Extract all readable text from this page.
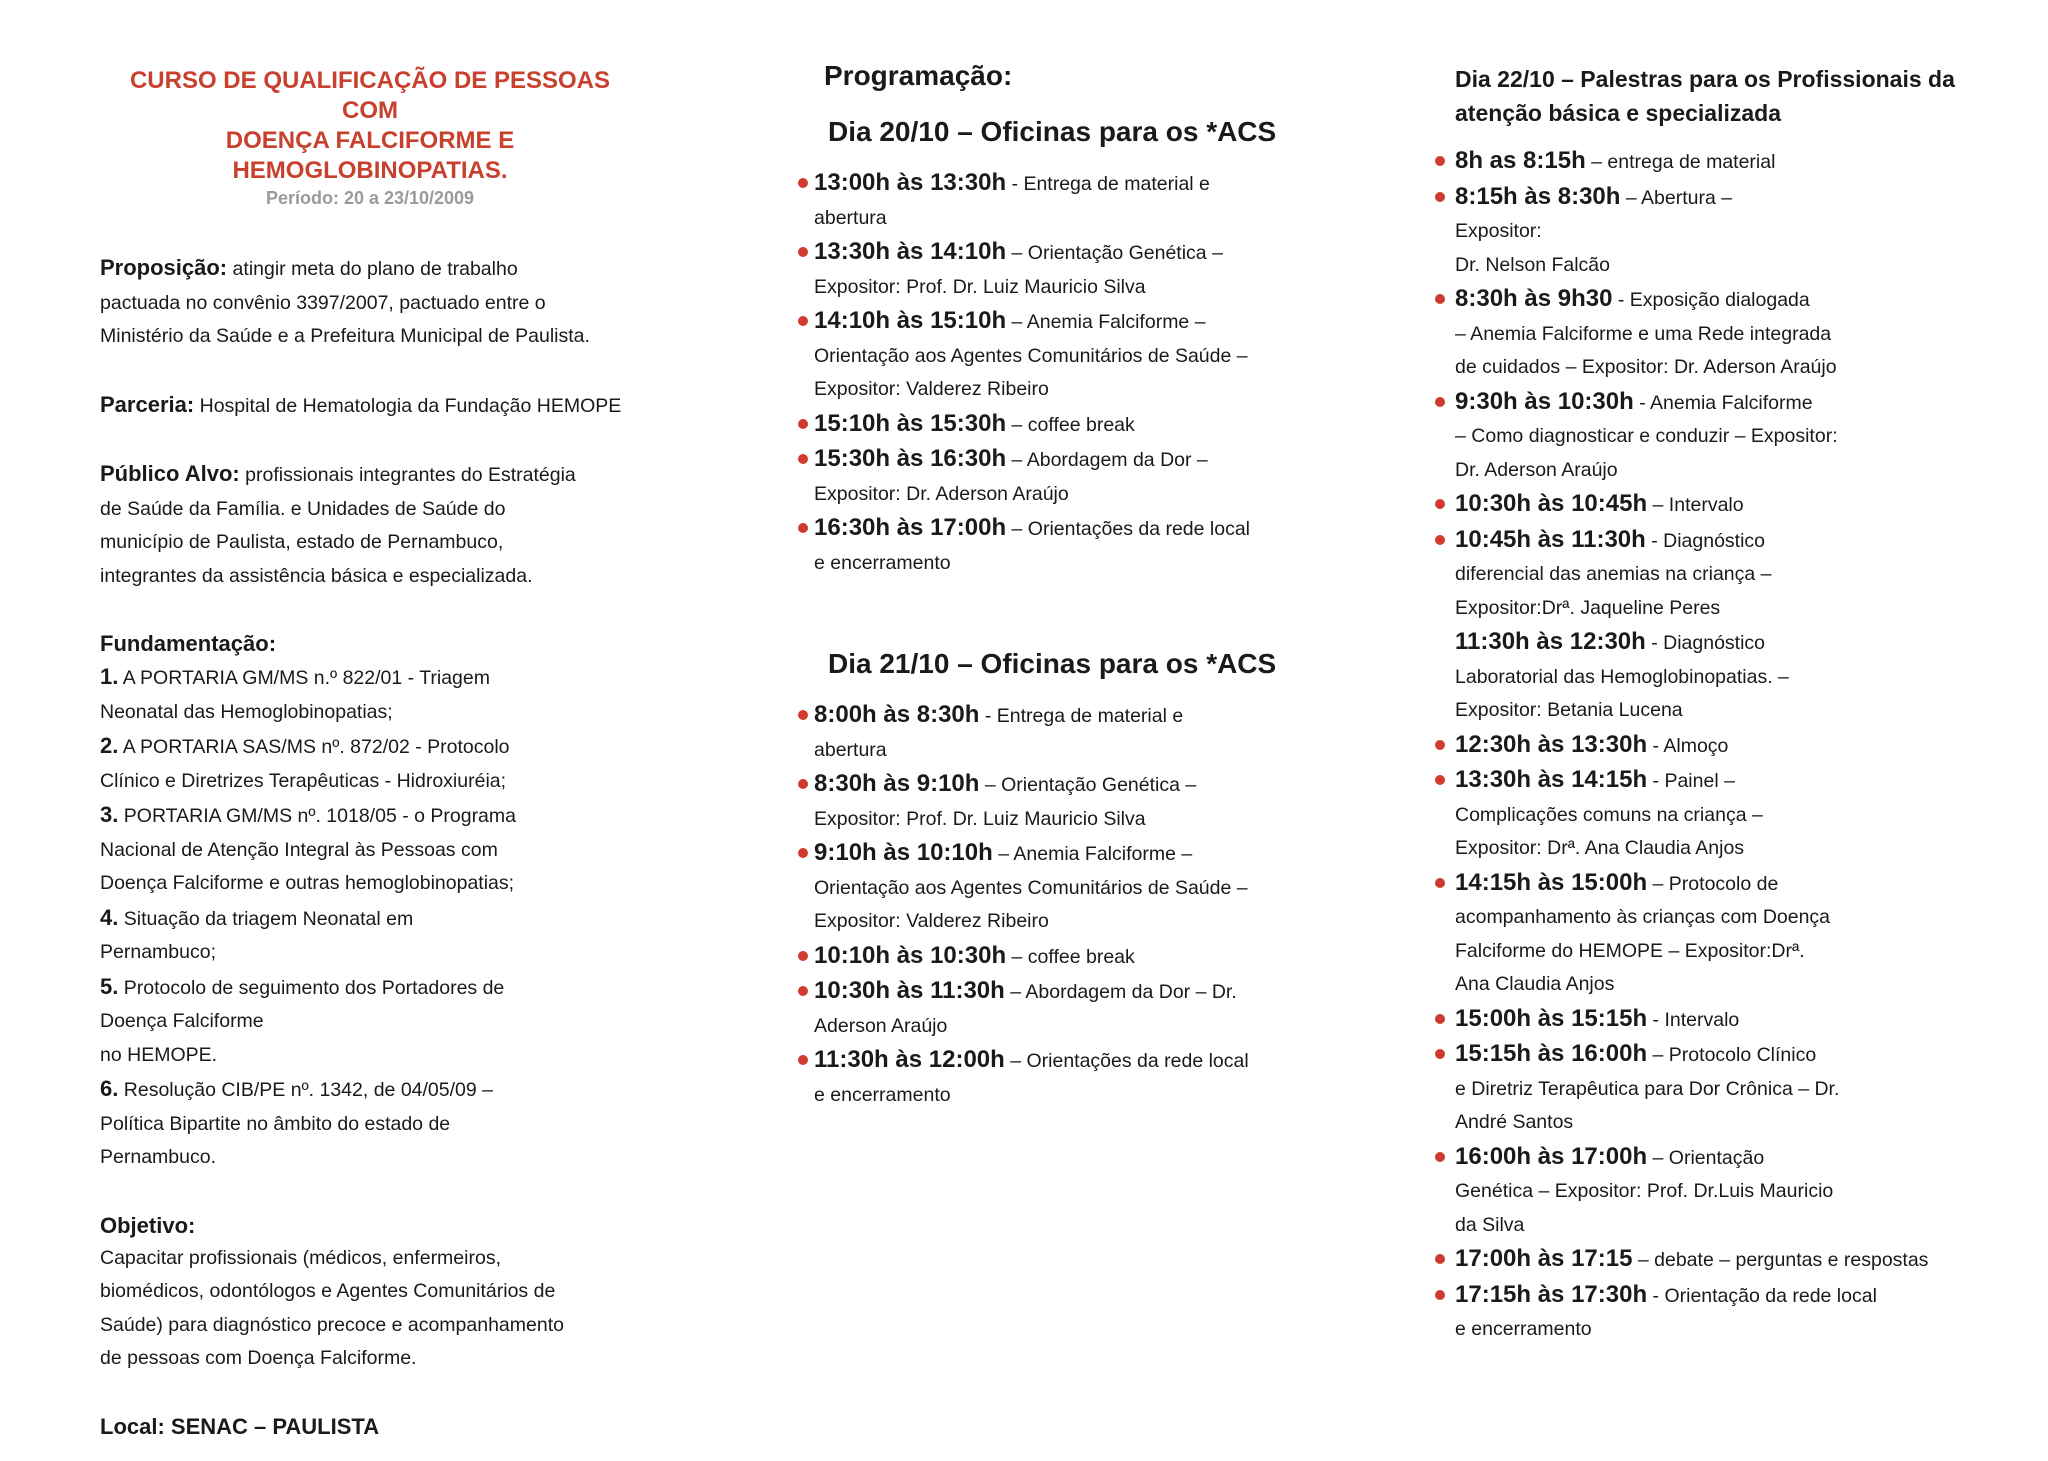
CURSO DE QUALIFICAÇÃO DE PESSOAS COM
DOENÇA FALCIFORME E HEMOGLOBINOPATIAS.
Período: 20 a 23/10/2009
Proposição: atingir meta do plano de trabalho
pactuada no convênio 3397/2007, pactuado entre o
Ministério da Saúde e a Prefeitura Municipal de Paulista.
Parceria: Hospital de Hematologia da Fundação HEMOPE
Público Alvo: profissionais integrantes do Estratégia
de Saúde da Família. e Unidades de Saúde do
município de Paulista, estado de Pernambuco,
integrantes da assistência básica e especializada.
Fundamentação:
1. A PORTARIA GM/MS n.º 822/01 - Triagem
Neonatal das Hemoglobinopatias;
2. A PORTARIA SAS/MS nº. 872/02 - Protocolo
Clínico e Diretrizes Terapêuticas - Hidroxiuréia;
3. PORTARIA GM/MS nº. 1018/05 - o Programa
Nacional de Atenção Integral às Pessoas com
Doença Falciforme e outras hemoglobinopatias;
4. Situação da triagem Neonatal em
Pernambuco;
5. Protocolo de seguimento dos Portadores de
Doença Falciforme
no HEMOPE.
6. Resolução CIB/PE nº. 1342, de 04/05/09 –
Política Bipartite no âmbito do estado de
Pernambuco.
Objetivo:
Capacitar profissionais (médicos, enfermeiros,
biomédicos, odontólogos e Agentes Comunitários de
Saúde) para diagnóstico precoce e acompanhamento
de pessoas com Doença Falciforme.
Local: SENAC – PAULISTA
Programação:
Dia 20/10 – Oficinas para os *ACS
13:00h às 13:30h - Entrega de material e
abertura
13:30h às 14:10h – Orientação Genética –
Expositor: Prof. Dr. Luiz Mauricio Silva
14:10h às 15:10h – Anemia Falciforme –
Orientação aos Agentes Comunitários de Saúde –
Expositor: Valderez Ribeiro
15:10h às 15:30h – coffee break
15:30h às 16:30h – Abordagem da Dor –
Expositor: Dr. Aderson Araújo
16:30h às 17:00h – Orientações da rede local
e encerramento
Dia 21/10 – Oficinas para os *ACS
8:00h às 8:30h - Entrega de material e
abertura
8:30h às 9:10h – Orientação Genética –
Expositor: Prof. Dr. Luiz Mauricio Silva
9:10h às 10:10h – Anemia Falciforme –
Orientação aos Agentes Comunitários de Saúde –
Expositor: Valderez Ribeiro
10:10h às 10:30h – coffee break
10:30h às 11:30h – Abordagem da Dor – Dr.
Aderson Araújo
11:30h às 12:00h – Orientações da rede local
e encerramento
Dia 22/10 – Palestras para os Profissionais da
atenção básica e specializada
8h as 8:15h – entrega de material
8:15h às 8:30h – Abertura –
Expositor:
Dr. Nelson Falcão
8:30h às 9h30 - Exposição dialogada
– Anemia Falciforme e uma Rede integrada
de cuidados – Expositor: Dr. Aderson Araújo
9:30h às 10:30h - Anemia Falciforme
– Como diagnosticar e conduzir – Expositor:
Dr. Aderson Araújo
10:30h às 10:45h – Intervalo
10:45h às 11:30h - Diagnóstico
diferencial das anemias na criança –
Expositor:Drª. Jaqueline Peres
11:30h às 12:30h - Diagnóstico
Laboratorial das Hemoglobinopatias. –
Expositor: Betania Lucena
12:30h às 13:30h - Almoço
13:30h às 14:15h - Painel –
Complicações comuns na criança –
Expositor: Drª. Ana Claudia Anjos
14:15h às 15:00h – Protocolo de
acompanhamento às crianças com Doença
Falciforme do HEMOPE – Expositor:Drª.
Ana Claudia Anjos
15:00h às 15:15h - Intervalo
15:15h às 16:00h – Protocolo Clínico
e Diretriz Terapêutica para Dor Crônica – Dr.
André Santos
16:00h às 17:00h – Orientação
Genética – Expositor: Prof. Dr.Luis Mauricio
da Silva
17:00h às 17:15 – debate – perguntas e respostas
17:15h às 17:30h - Orientação da rede local
e encerramento
